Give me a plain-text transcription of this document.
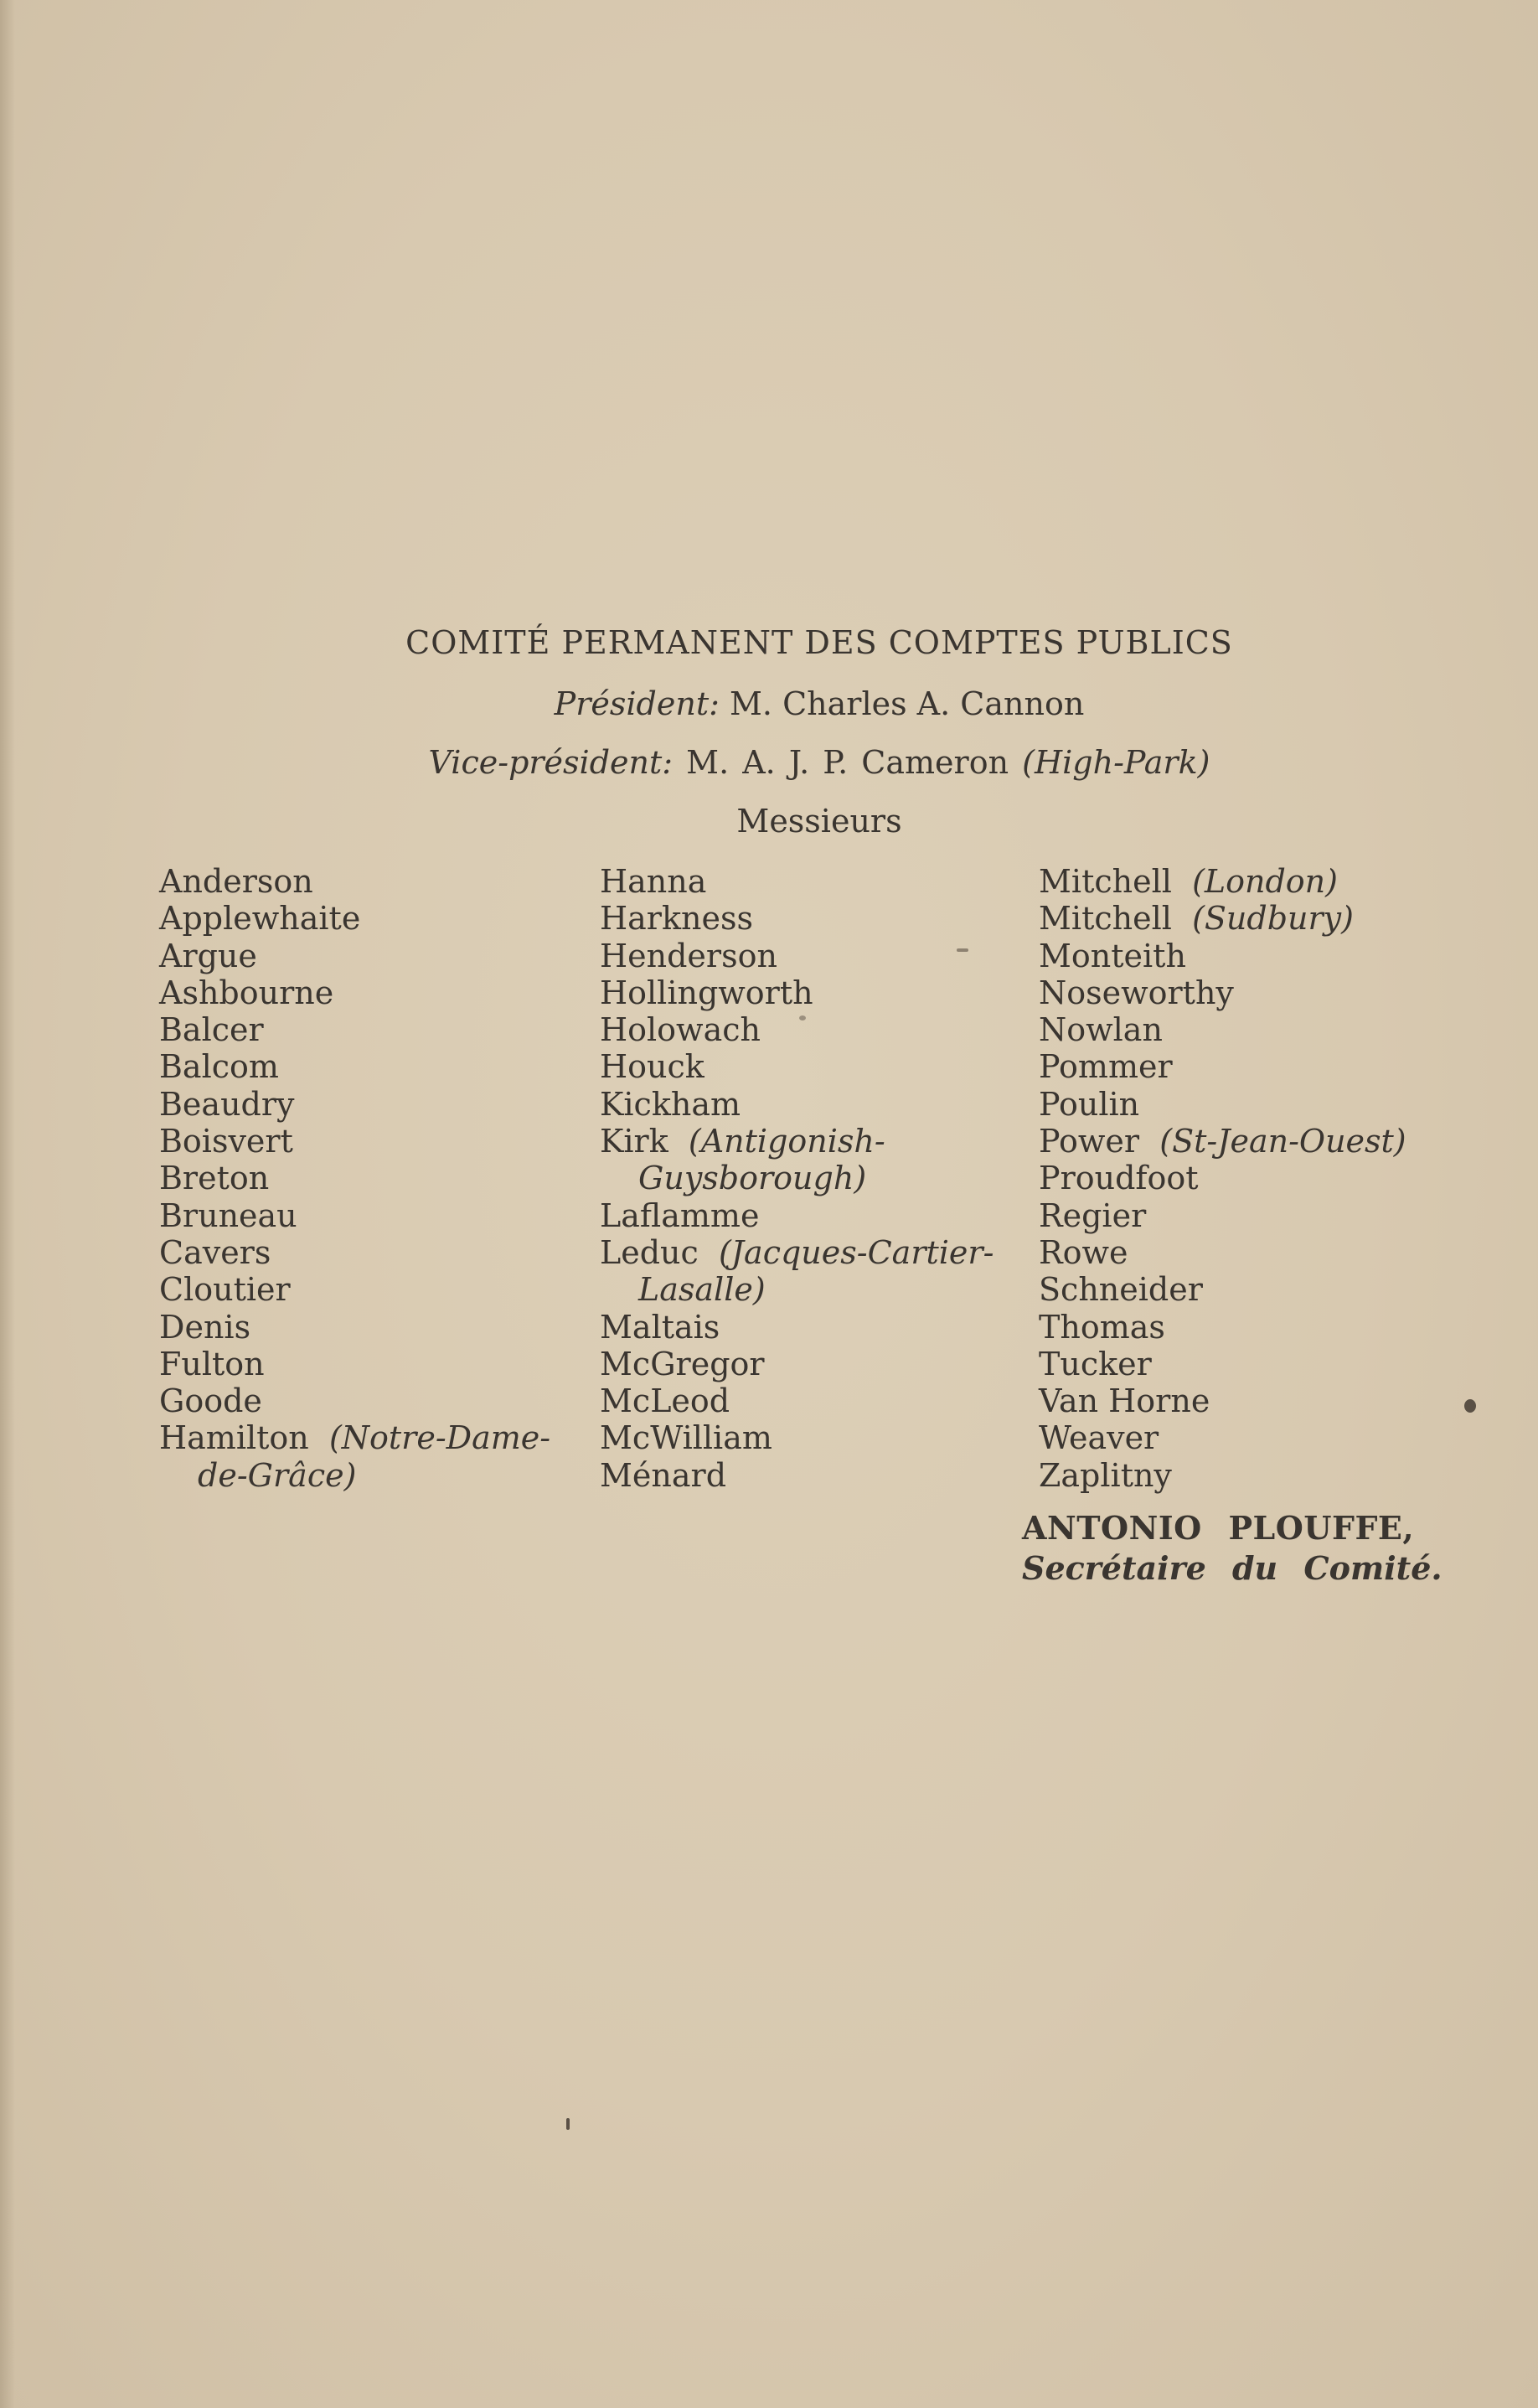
COMITÉ PERMANENT DES COMPTES PUBLICS
Président: M. Charles A. Cannon
Vice-président: M. A. J. P. Cameron (High-Park)
Messieurs
Anderson
Applewhaite
Argue
Ashbourne
Balcer
Balcom
Beaudry
Boisvert
Breton
Bruneau
Cavers
Cloutier
Denis
Fulton
Goode
Hamilton (Notre-Dame-
de-Grâce)
Hanna
Harkness
Henderson
Hollingworth
Holowach
Houck
Kickham
Kirk (Antigonish-
Guysborough)
Laflamme
Leduc (Jacques-Cartier-
Lasalle)
Maltais
McGregor
McLeod
McWilliam
Ménard
Mitchell (London)
Mitchell (Sudbury)
Monteith
Noseworthy
Nowlan
Pommer
Poulin
Power (St-Jean-Ouest)
Proudfoot
Regier
Rowe
Schneider
Thomas
Tucker
Van Horne
Weaver
Zaplitny
ANTONIO PLOUFFE,
Secrétaire du Comité.
